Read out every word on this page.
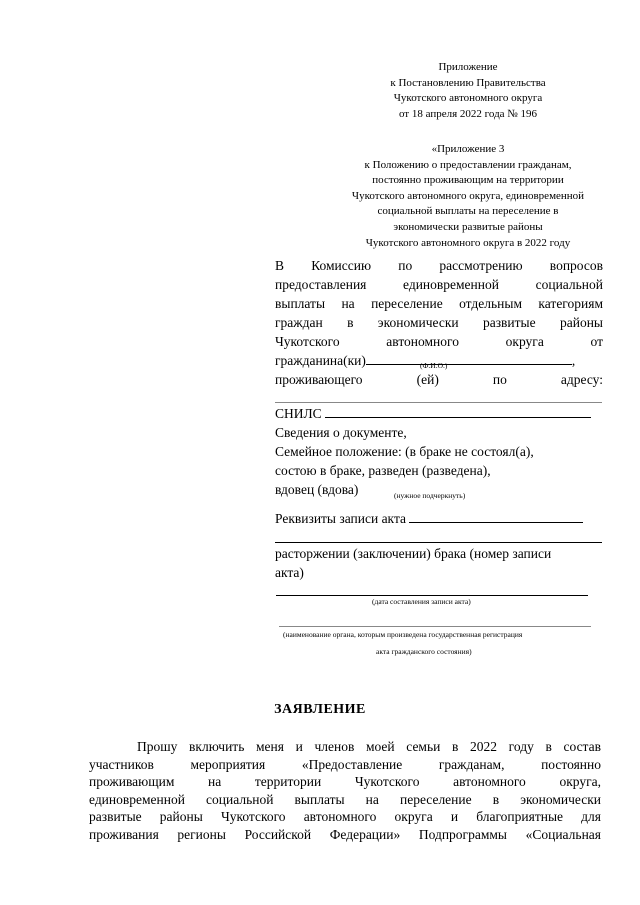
Приложение
к Постановлению Правительства
Чукотского автономного округа
от 18 апреля 2022 года № 196
«Приложение 3
к Положению о предоставлении гражданам,
постоянно проживающим на территории
Чукотского автономного округа, единовременной
социальной выплаты на переселение в
экономически развитые районы
Чукотского автономного округа в 2022 году
В Комиссию по рассмотрению вопросов
предоставления единовременной социальной
выплаты на переселение отдельным категориям
граждан в экономически развитые районы
Чукотского автономного округа от
гражданина(ки)	,
(Ф.И.О.)
проживающего (ей) по адресу:
СНИЛС
Сведения о документе,
Семейное положение: (в браке не состоял(а),
состою в браке, разведен (разведена),
вдовец (вдова)	(нужное подчеркнуть)
Реквизиты записи акта
расторжении (заключении) брака (номер записи
акта)
(дата составления записи акта)
(наименование органа, которым произведена государственная регистрация
акта гражданского состояния)
ЗАЯВЛЕНИЕ
Прошу включить меня и членов моей семьи в 2022 году в состав
участников мероприятия «Предоставление гражданам, постоянно
проживающим на территории Чукотского автономного округа,
единовременной социальной выплаты на переселение в экономически
развитые районы Чукотского автономного округа и благоприятные для
проживания регионы Российской Федерации» Подпрограммы «Социальная
